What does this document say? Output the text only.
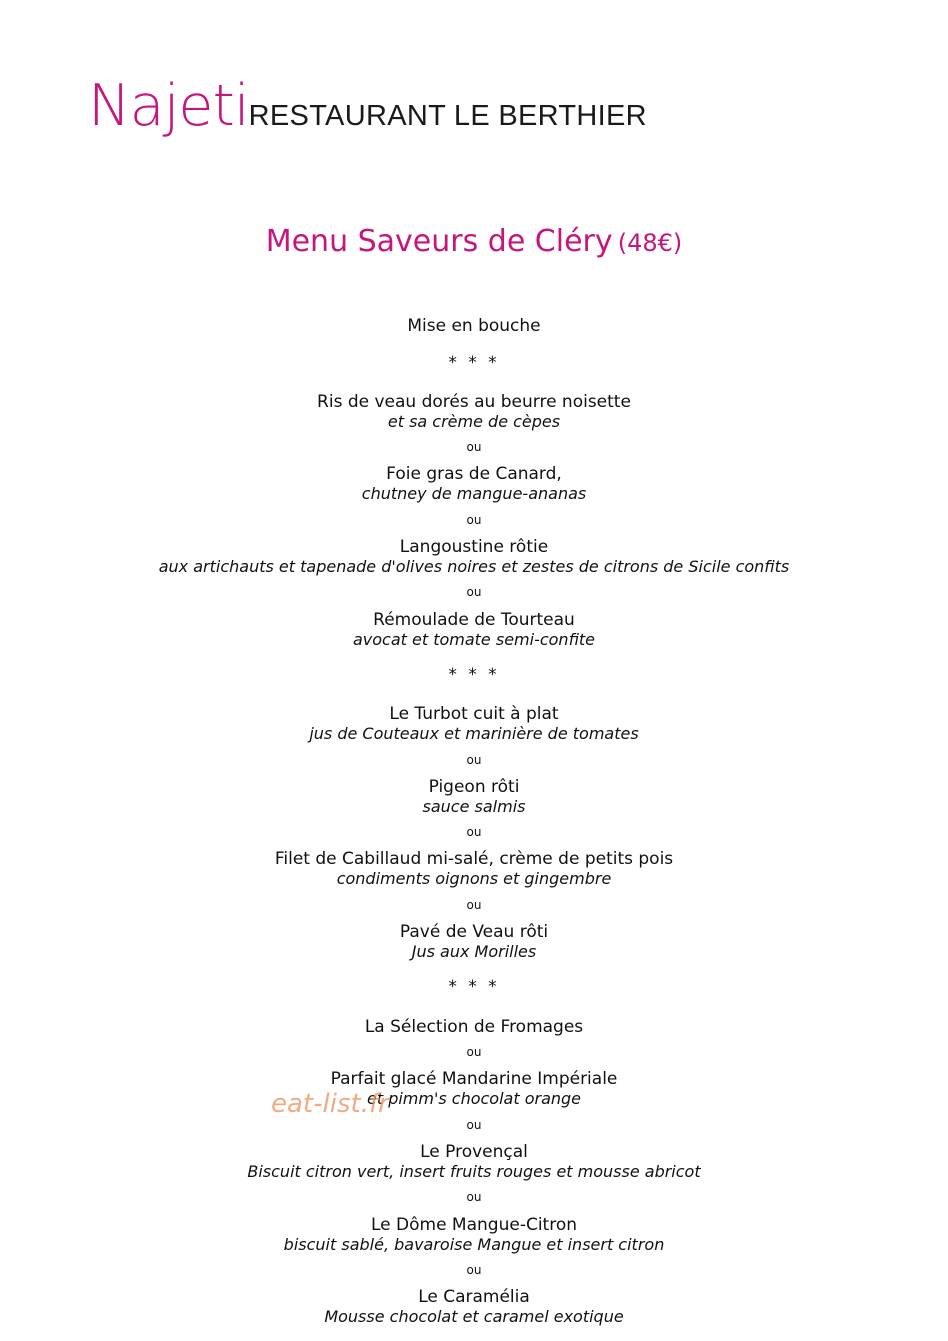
NajetiRESTAURANT LE BERTHIER
Menu Saveurs de Cléry (48€)
Mise en bouche
* * *
Ris de veau dorés au beurre noisette
et sa crème de cèpes
ou
Foie gras de Canard,
chutney de mangue-ananas
ou
Langoustine rôtie
aux artichauts et tapenade d'olives noires et zestes de citrons de Sicile confits
ou
Rémoulade de Tourteau
avocat et tomate semi-confite
* * *
Le Turbot cuit à plat
jus de Couteaux et marinière de tomates
ou
Pigeon rôti
sauce salmis
ou
Filet de Cabillaud mi-salé, crème de petits pois
condiments oignons et gingembre
ou
Pavé de Veau rôti
Jus aux Morilles
* * *
La Sélection de Fromages
ou
Parfait glacé Mandarine Impériale
et pimm's chocolat orange
ou
Le Provençal
Biscuit citron vert, insert fruits rouges et mousse abricot
ou
Le Dôme Mangue-Citron
biscuit sablé, bavaroise Mangue et insert citron
ou
Le Caramélia
Mousse chocolat et caramel exotique
eat-list.fr
